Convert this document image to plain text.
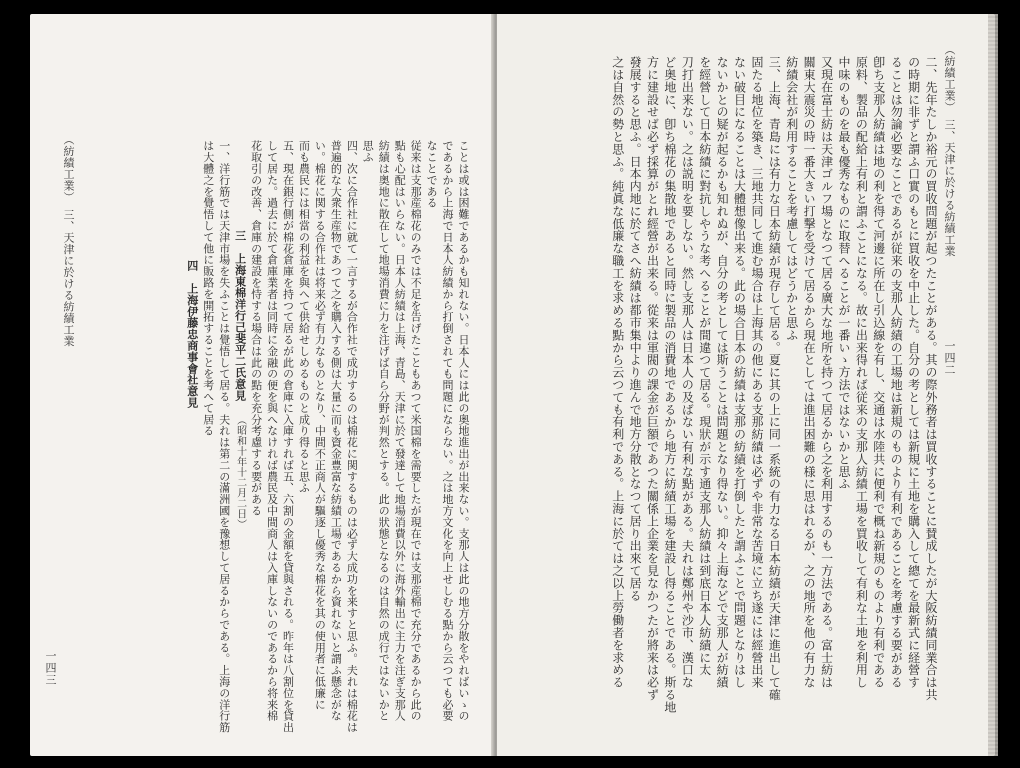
（紡績工業）　三、天津に於ける紡績工業
一四三	ことは或は困難であるかも知れない。日本人には此の奥地進出が出来ない。支那人は此の地方分散をやればいゝの

であるから上海で日本人紡績から打倒されても問題にならない。之は地方文化を向上せしむる點から云つても必要

なことである

従来は支那産棉花のみでは不足を告げたこともあつて米国棉を需要したが現在では支那産棉で充分であるから此の

點も心配はいらない。日本人紡績は上海、青島、天津に於て發達して地場消費以外に海外輸出に主力を注ぎ支那人

紡績は奥地に散在して地場消費に力を注げば自ら分野が判然とする。此の狀態となるのは自然の成行ではないかと

思ふ

四、次に合作社に就て一言するが合作社で成功するのは棉花に関するものは必ず大成功を来すと思ふ。夫れは棉花は

普遍的な大衆生産物であつて之を購入する側は大量に而も資金豊富な紡績工場であるから資れないと謂ふ懸念がな

い。棉花に関する合作社は将来必ず有力なものとなり、中間不正商人が驅逐し優秀な棉花を其の使用者に低廉に

而も農民には相當の利益を與へて供給せしめるものと成り得ると思ふ

五、現在銀行側が棉花倉庫を持つて居るが此の倉庫に入庫すれば五、六割の金額を貸與される。昨年は八割位を貸出

して居た。過去に於て倉庫業者は同時に金融の便を與へなければ農民及中間商人は入庫しないのであるから将来棉

花取引の改善、倉庫の建設を恃する場合は此の點を充分考慮する要がある

三　上海東棉洋行己斐平二氏意見 （昭和十年十二月二日）

一、洋行筋では天津市場を失ふことは覺悟して居る。夫れは第二の滿洲國を豫想して居るからである。上海の洋行筋

は大體之を覺悟して他に販路を開拓することを考へて居る

四　上海伊藤忠商事會社意見

（紡績工業）　三、天津に於ける紡績工業
一四二

二、先年たしか裕元の買收問題が起つたことがある。其の際外務者は買收することに賛成したが大阪紡績同業合は共

の時期に非ずと謂ふ口實のもとに買收を中止した。自分の考としては新規に土地を購入して總てを最新式に経營す

ることは勿論必要なことであるが従来の支那人紡績の工場地は新規のものより有利であることを考慮する要がある

卽ち支那人紡績は地の利を得て河邊に所在し引込線を有し、交通は水陸共に便利で概ね新規のものより有利である

原料、製品の配給上有利と謂ふことになる。故に出来得れば従来の支那人紡績工場を買收して有利な土地を利用し

中味のものを最も優秀なものに取替へることが一番いゝ方法ではないかと思ふ

又現在富士紡は天津ゴルフ場となつて居る廣大な地所を持つて居るから之を利用するのも一方法である。富士紡は

關東大震災の時一番大きい打撃を受けて居るから現在としては進出困難の様に思はれるが、之の地所を他の有力な

紡績会社が利用することを考慮してはどうかと思ふ

三、上海、青島には有力な日本紡績が現存して居る。夏に其の上に同一系統の有力なる日本紡績が天津に進出して確

固たる地位を築き、三地共同して進む場合は上海其の他にある支那紡績は必ずや非常な苦境に立ち遂には經營出来

ない破目になることは大體想像出来る。此の場合日本の紡績は支那の紡績を打倒したと謂ふことで問題となりはし

ないかとの疑が起るかも知れぬが、自分の考としては斯うことは問題となり得ない。抑々上海などで支那人が紡績

を經營して日本紡績に對抗しやうな考へることが間違つて居る。現狀が示す通支那人紡績は到底日本人紡績に太

刀打出来ない。之は説明を要しない。然し支那人は日本人の及ばない有利な點がある。夫れは鄭州や沙市、漢口な

ど奥地に、卽ち棉花の集散地であると同時に製品の消費地であるから地方に紡績工場を建設し得ることである。斯る地

方に建設せば必ず採算がとれ經營が出来る。從来は軍閥の課金が巨額であつた關係上企業を見なかつたが將来は必ず

發展すると思ふ。日本内地に於てさへ紡績は都市集中より進んで地方分散となつて居り出來て居る

之は自然の勢と思ふ。純眞な低廉な職工を求める點から云つても有利である。上海に於ては之以上勞働者を求める
